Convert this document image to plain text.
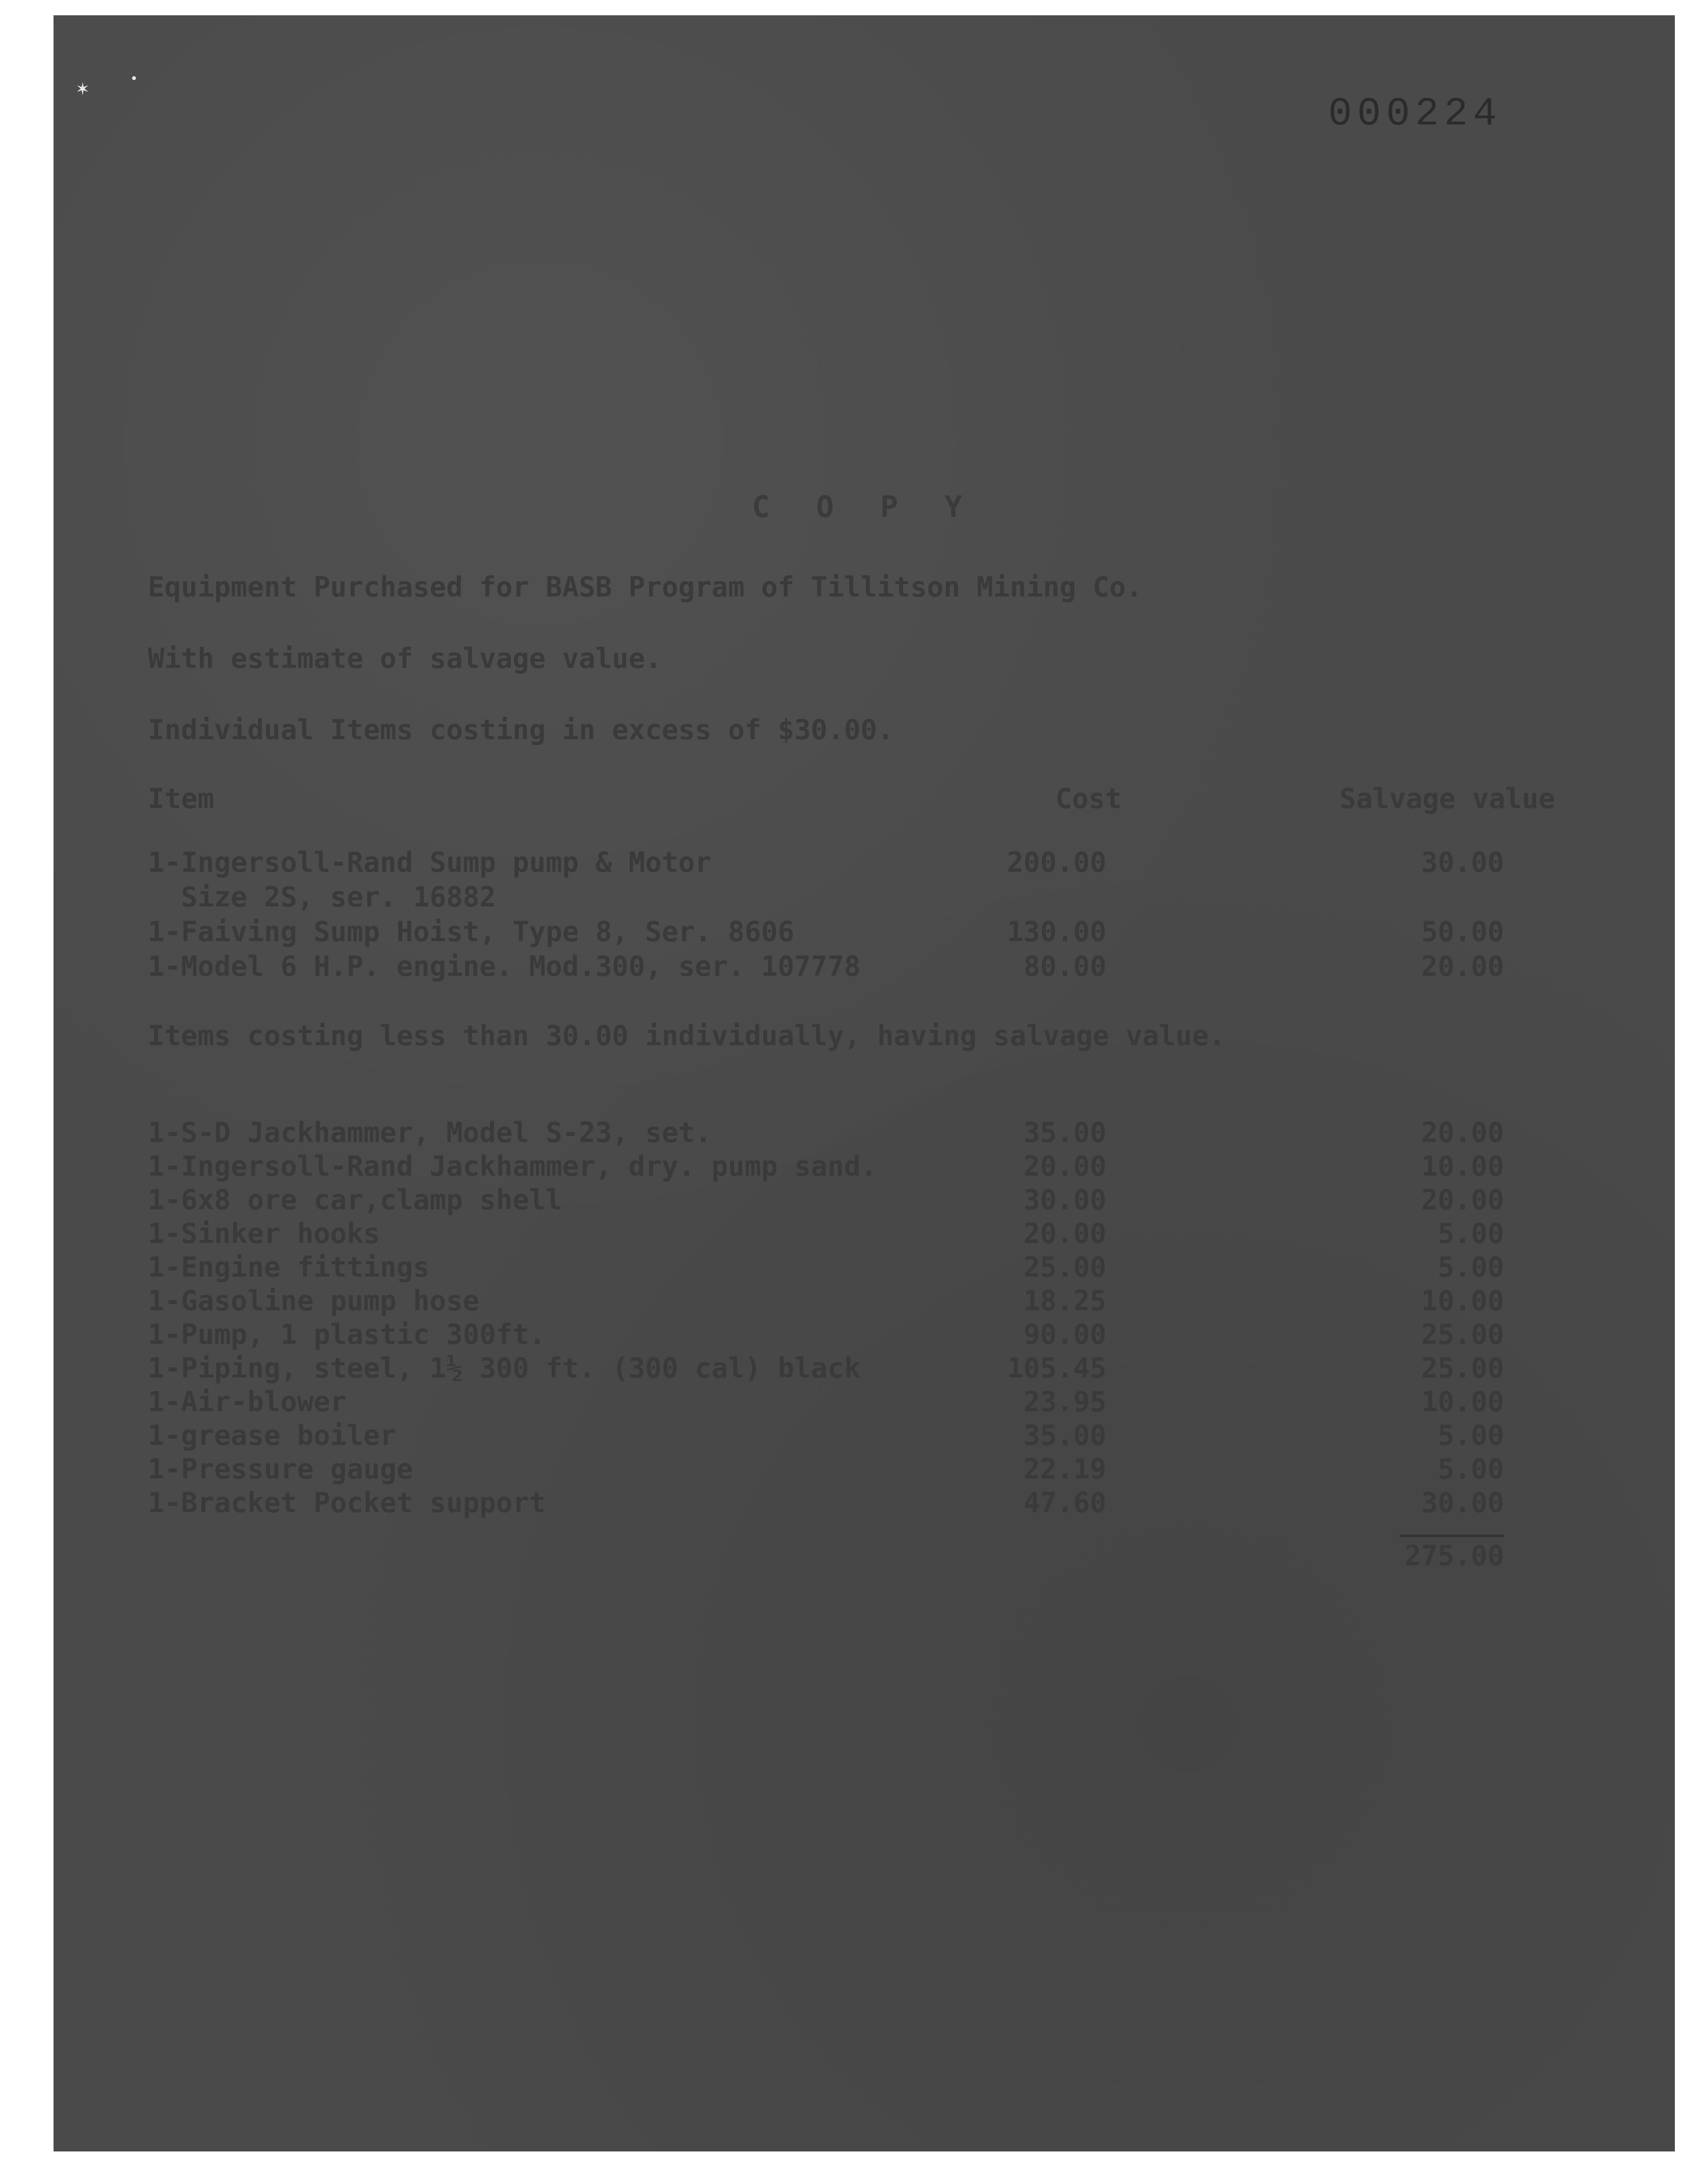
✶	•
000224
C O P Y
Equipment Purchased for BASB Program of Tillitson Mining Co.
With estimate of salvage value.
Individual Items costing in excess of $30.00.
Item	Cost	Salvage value
1-Ingersoll-Rand Sump pump & Motor	200.00	30.00
Size 2S, ser. 16882
1-Faiving Sump Hoist, Type 8, Ser. 8606	130.00	50.00
1-Model 6 H.P. engine. Mod.300, ser. 107778	80.00	20.00
Items costing less than 30.00 individually, having salvage value.
1-S-D Jackhammer, Model S-23, set.	35.00	20.00
1-Ingersoll-Rand Jackhammer, dry. pump sand.	20.00	10.00
1-6x8 ore car,clamp shell	30.00	20.00
1-Sinker hooks	20.00	5.00
1-Engine fittings	25.00	5.00
1-Gasoline pump hose	18.25	10.00
1-Pump, 1 plastic 300ft.	90.00	25.00
1-Piping, steel, 1½ 300 ft. (300 cal) black	105.45	25.00
1-Air-blower	23.95	10.00
1-grease boiler	35.00	5.00
1-Pressure gauge	22.19	5.00
1-Bracket Pocket support	47.60	30.00
275.00
